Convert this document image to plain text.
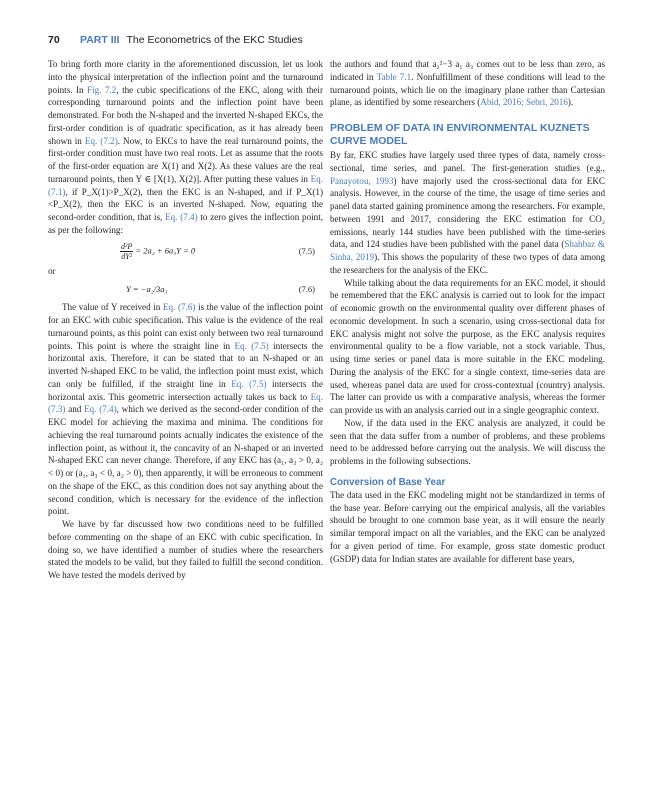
70 PART III The Econometrics of the EKC Studies

To bring forth more clarity in the aforementioned discussion, let us look into the physical interpretation of the inflection point and the turnaround points. In Fig. 7.2, the cubic specifications of the EKC, along with their corresponding turnaround points and the inflection point have been demonstrated. For both the N-shaped and the inverted N-shaped EKCs, the first-order condition is of quadratic specification, as it has already been shown in Eq. (7.2). Now, to EKCs to have the real turnaround points, the first-order condition must have two real roots. Let as assume that the roots of the first-order equation are X(1) and X(2). As these values are the real turnaround points, then Y ∈ [X(1), X(2)]. After putting these values in Eq. (7.1), if P_X(1)>P_X(2), then the EKC is an N-shaped, and if P_X(1)<P_X(2), then the EKC is an inverted N-shaped. Now, equating the second-order condition, that is, Eq. (7.4) to zero gives the inflection point, as per the following:

$\frac{\text{d²P}}{\text{dY²}} = 2a_2 + 6a_3Y = 0$	(7.5)

or

Y = −a₂/3a₃	(7.6)

The value of Y received in Eq. (7.6) is the value of the inflection point for an EKC with cubic specification. This value is the evidence of the real turnaround points, as this point can exist only between two real turnaround points. This point is where the straight line in Eq. (7.5) intersects the horizontal axis. Therefore, it can be stated that to an N-shaped or an inverted N-shaped EKC to be valid, the inflection point must exist, which can only be fulfilled, if the straight line in Eq. (7.5) intersects the horizontal axis. This geometric intersection actually takes us back to Eq. (7.3) and Eq. (7.4), which we derived as the second-order condition of the EKC model for achieving the maxima and minima. The conditions for achieving the real turnaround points actually indicates the existence of the inflection point, as without it, the concavity of an N-shaped or an inverted N-shaped EKC can never change. Therefore, if any EKC has (a₁, a₃ > 0, a₂ < 0) or (a₁, a₃ < 0, a₂ > 0), then apparently, it will be erroneous to comment on the shape of the EKC, as this condition does not say anything about the second condition, which is necessary for the evidence of the inflection point.

We have by far discussed how two conditions need to be fulfilled before commenting on the shape of an EKC with cubic specification. In doing so, we have identified a number of studies where the researchers stated the models to be valid, but they failed to fulfill the second condition. We have tested the models derived by

the authors and found that a₂²−3 a₁ a₃ comes out to be less than zero, as indicated in Table 7.1. Nonfulfillment of these conditions will lead to the turnaround points, which lie on the imaginary plane rather than Cartesian plane, as identified by some researchers (Abid, 2016; Sebri, 2016).

PROBLEM OF DATA IN ENVIRONMENTAL KUZNETS CURVE MODEL

By far, EKC studies have largely used three types of data, namely cross-sectional, time series, and panel. The first-generation studies (e.g., Panayotou, 1993) have majorly used the cross-sectional data for EKC analysis. However, in the course of the time, the usage of time series and panel data started gaining prominence among the researchers. For example, between 1991 and 2017, considering the EKC estimation for CO₂ emissions, nearly 144 studies have been published with the time-series data, and 124 studies have been published with the panel data (Shahbaz & Sinha, 2019). This shows the popularity of these two types of data among the researchers for the analysis of the EKC.

While talking about the data requirements for an EKC model, it should be remembered that the EKC analysis is carried out to look for the impact of economic growth on the environmental quality over different phases of economic development. In such a scenario, using cross-sectional data for EKC analysis might not solve the purpose, as the EKC analysis requires environmental quality to be a flow variable, not a stock variable. Thus, using time series or panel data is more suitable in the EKC modeling. During the analysis of the EKC for a single context, time-series data are used, whereas panel data are used for cross-contextual (country) analysis. The latter can provide us with a comparative analysis, whereas the former can provide us with an analysis carried out in a single geographic context.

Now, if the data used in the EKC analysis are analyzed, it could be seen that the data suffer from a number of problems, and these problems need to be addressed before carrying out the analysis. We will discuss the problems in the following subsections.

Conversion of Base Year

The data used in the EKC modeling might not be standardized in terms of the base year. Before carrying out the empirical analysis, all the variables should be brought to one common base year, as it will ensure the nearly similar temporal impact on all the variables, and the EKC can be analyzed for a given period of time. For example, gross state domestic product (GSDP) data for Indian states are available for different base years,
